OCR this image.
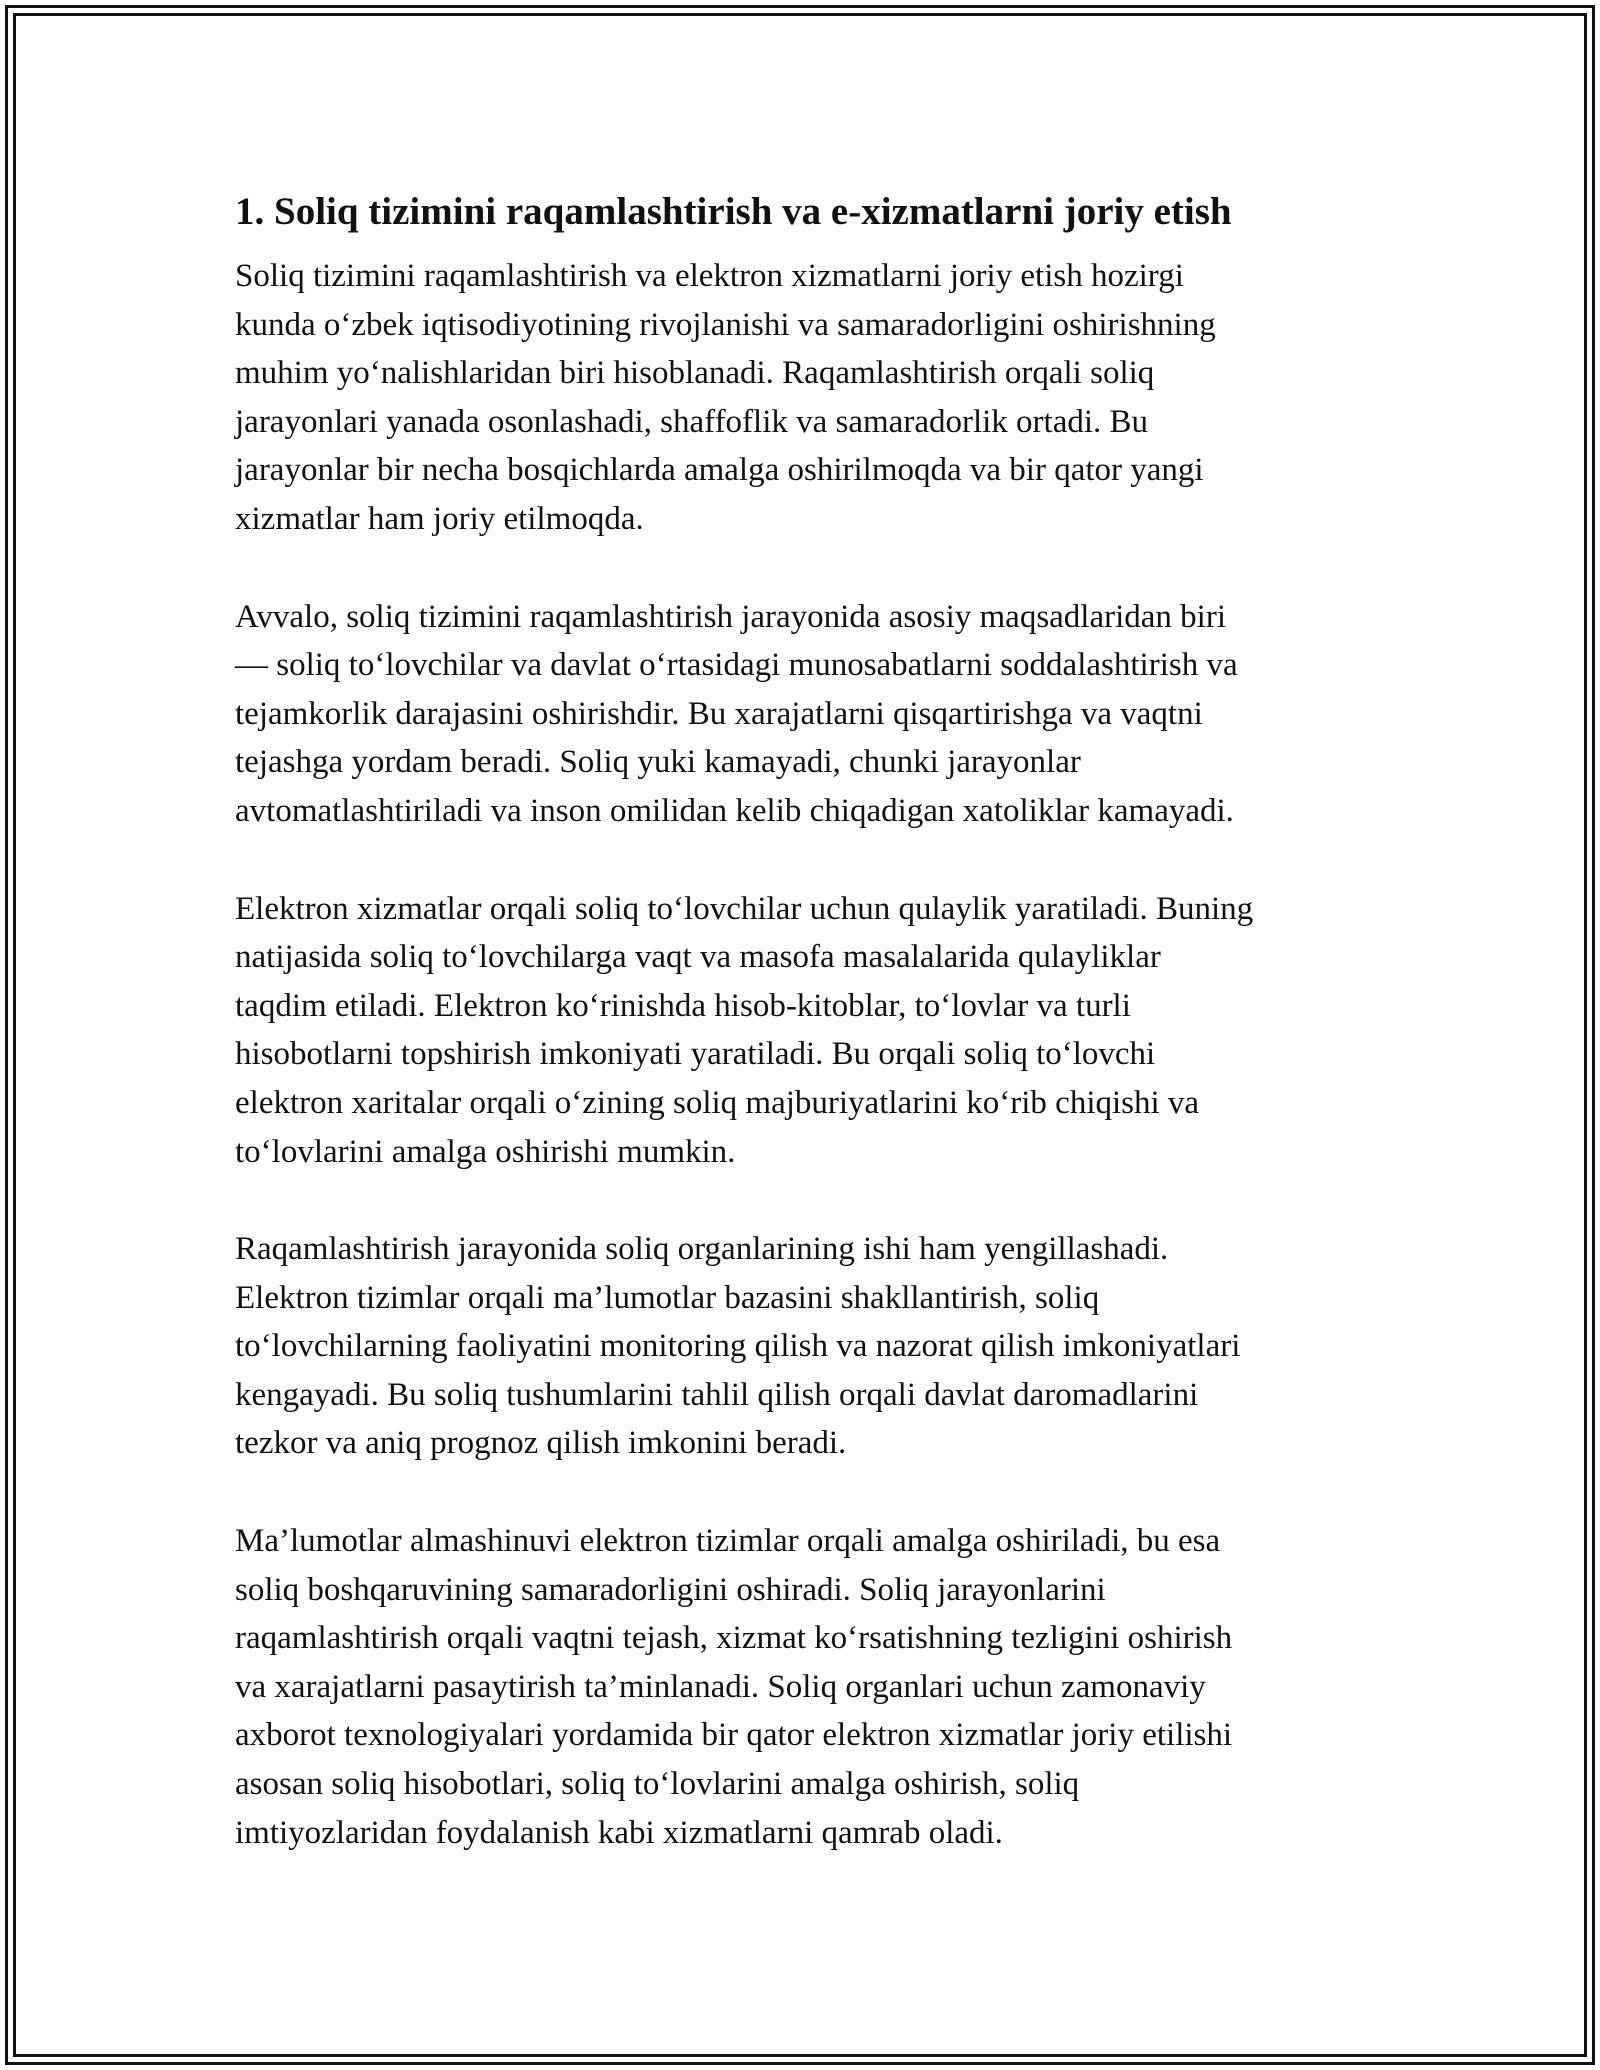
1. Soliq tizimini raqamlashtirish va e-xizmatlarni joriy etish
Soliq tizimini raqamlashtirish va elektron xizmatlarni joriy etish hozirgi
kunda o‘zbek iqtisodiyotining rivojlanishi va samaradorligini oshirishning
muhim yo‘nalishlaridan biri hisoblanadi. Raqamlashtirish orqali soliq
jarayonlari yanada osonlashadi, shaffoflik va samaradorlik ortadi. Bu
jarayonlar bir necha bosqichlarda amalga oshirilmoqda va bir qator yangi
xizmatlar ham joriy etilmoqda.
Avvalo, soliq tizimini raqamlashtirish jarayonida asosiy maqsadlaridan biri
— soliq to‘lovchilar va davlat o‘rtasidagi munosabatlarni soddalashtirish va
tejamkorlik darajasini oshirishdir. Bu xarajatlarni qisqartirishga va vaqtni
tejashga yordam beradi. Soliq yuki kamayadi, chunki jarayonlar
avtomatlashtiriladi va inson omilidan kelib chiqadigan xatoliklar kamayadi.
Elektron xizmatlar orqali soliq to‘lovchilar uchun qulaylik yaratiladi. Buning
natijasida soliq to‘lovchilarga vaqt va masofa masalalarida qulayliklar
taqdim etiladi. Elektron ko‘rinishda hisob-kitoblar, to‘lovlar va turli
hisobotlarni topshirish imkoniyati yaratiladi. Bu orqali soliq to‘lovchi
elektron xaritalar orqali o‘zining soliq majburiyatlarini ko‘rib chiqishi va
to‘lovlarini amalga oshirishi mumkin.
Raqamlashtirish jarayonida soliq organlarining ishi ham yengillashadi.
Elektron tizimlar orqali ma’lumotlar bazasini shakllantirish, soliq
to‘lovchilarning faoliyatini monitoring qilish va nazorat qilish imkoniyatlari
kengayadi. Bu soliq tushumlarini tahlil qilish orqali davlat daromadlarini
tezkor va aniq prognoz qilish imkonini beradi.
Ma’lumotlar almashinuvi elektron tizimlar orqali amalga oshiriladi, bu esa
soliq boshqaruvining samaradorligini oshiradi. Soliq jarayonlarini
raqamlashtirish orqali vaqtni tejash, xizmat ko‘rsatishning tezligini oshirish
va xarajatlarni pasaytirish ta’minlanadi. Soliq organlari uchun zamonaviy
axborot texnologiyalari yordamida bir qator elektron xizmatlar joriy etilishi
asosan soliq hisobotlari, soliq to‘lovlarini amalga oshirish, soliq
imtiyozlaridan foydalanish kabi xizmatlarni qamrab oladi.
